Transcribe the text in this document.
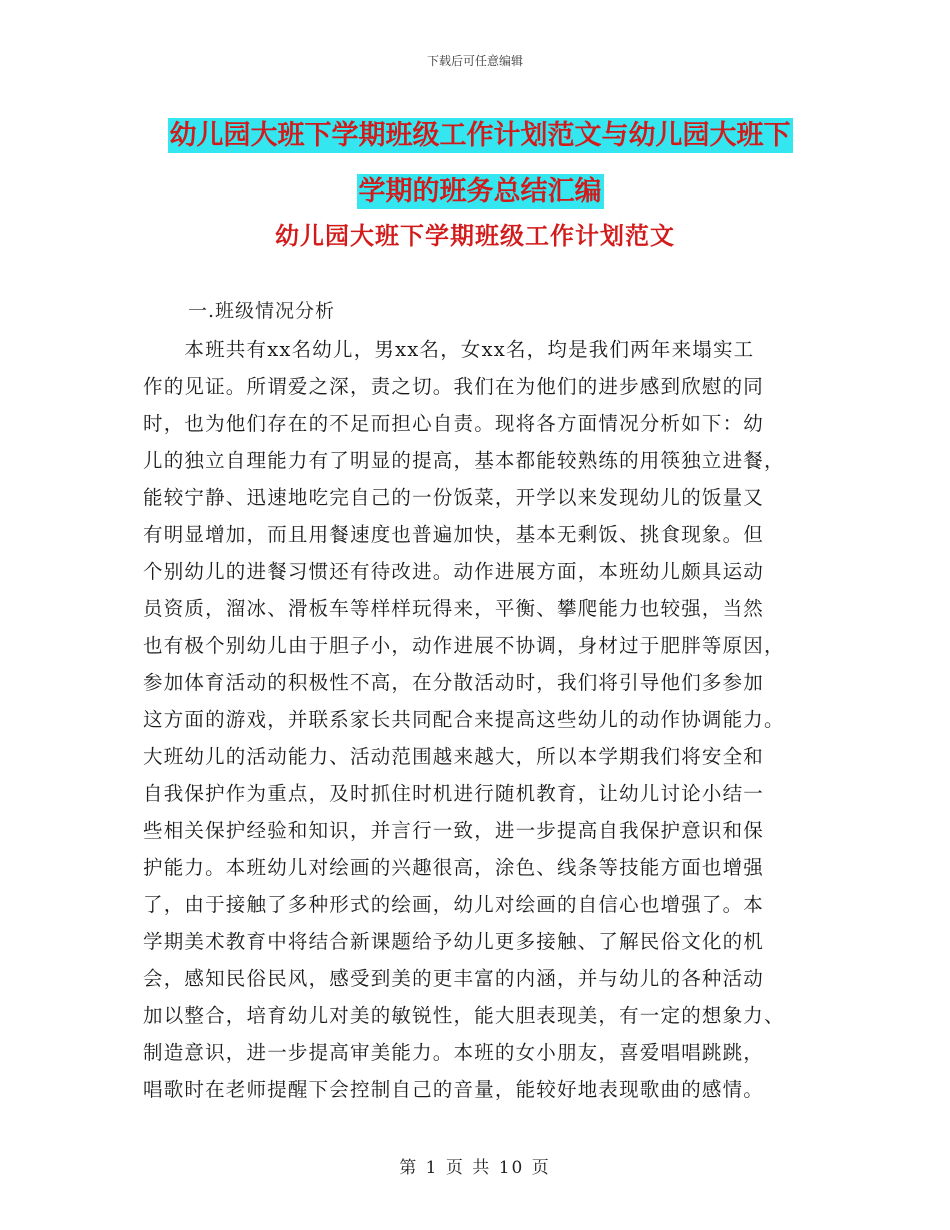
下载后可任意编辑
幼儿园大班下学期班级工作计划范文与幼儿园大班下
学期的班务总结汇编
幼儿园大班下学期班级工作计划范文
一.班级情况分析
　　本班共有xx名幼儿，男xx名，女xx名，均是我们两年来塌实工
作的见证。所谓爱之深，责之切。我们在为他们的进步感到欣慰的同
时，也为他们存在的不足而担心自责。现将各方面情况分析如下：幼
儿的独立自理能力有了明显的提高，基本都能较熟练的用筷独立进餐，
能较宁静、迅速地吃完自己的一份饭菜，开学以来发现幼儿的饭量又
有明显增加，而且用餐速度也普遍加快，基本无剩饭、挑食现象。但
个别幼儿的进餐习惯还有待改进。动作进展方面，本班幼儿颇具运动
员资质，溜冰、滑板车等样样玩得来，平衡、攀爬能力也较强，当然
也有极个别幼儿由于胆子小，动作进展不协调，身材过于肥胖等原因，
参加体育活动的积极性不高，在分散活动时，我们将引导他们多参加
这方面的游戏，并联系家长共同配合来提高这些幼儿的动作协调能力。
大班幼儿的活动能力、活动范围越来越大，所以本学期我们将安全和
自我保护作为重点，及时抓住时机进行随机教育，让幼儿讨论小结一
些相关保护经验和知识，并言行一致，进一步提高自我保护意识和保
护能力。本班幼儿对绘画的兴趣很高，涂色、线条等技能方面也增强
了，由于接触了多种形式的绘画，幼儿对绘画的自信心也增强了。本
学期美术教育中将结合新课题给予幼儿更多接触、了解民俗文化的机
会，感知民俗民风，感受到美的更丰富的内涵，并与幼儿的各种活动
加以整合，培育幼儿对美的敏锐性，能大胆表现美，有一定的想象力、
制造意识，进一步提高审美能力。本班的女小朋友，喜爱唱唱跳跳，
唱歌时在老师提醒下会控制自己的音量，能较好地表现歌曲的感情。
第 1 页 共 10 页
